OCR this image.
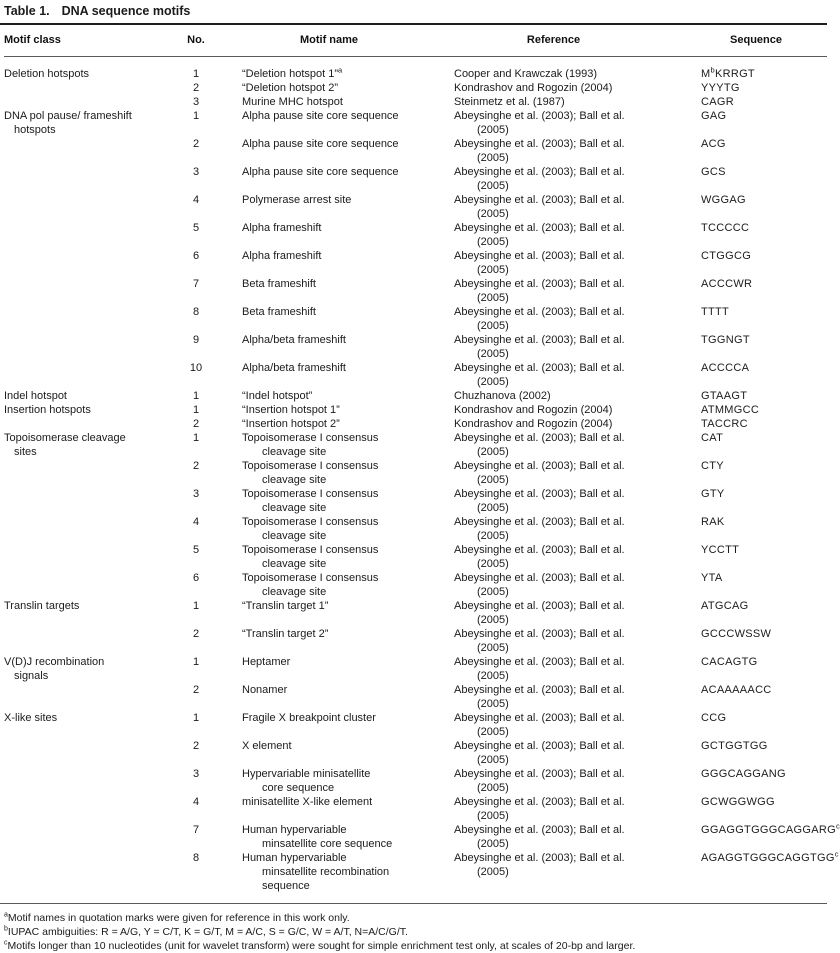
Table 1. DNA sequence motifs
Motif class	No.	Motif name	Reference	Sequence
Deletion hotspots	1	“Deletion hotspot 1”$^a$	Cooper and Krawczak (1993)	$M^bKRRGT$
	2	“Deletion hotspot 2”	Kondrashov and Rogozin (2004)	YYYTG
	3	Murine MHC hotspot	Steinmetz et al. (1987)	CAGR
DNA pol pause/ frameshift
hotspots	1	Alpha pause site core sequence	Abeysinghe et al. (2003); Ball et al.
(2005)	GAG
	2	Alpha pause site core sequence	Abeysinghe et al. (2003); Ball et al.
(2005)	ACG
	3	Alpha pause site core sequence	Abeysinghe et al. (2003); Ball et al.
(2005)	GCS
	4	Polymerase arrest site	Abeysinghe et al. (2003); Ball et al.
(2005)	WGGAG
	5	Alpha frameshift	Abeysinghe et al. (2003); Ball et al.
(2005)	TCCCCC
	6	Alpha frameshift	Abeysinghe et al. (2003); Ball et al.
(2005)	CTGGCG
	7	Beta frameshift	Abeysinghe et al. (2003); Ball et al.
(2005)	ACCCWR
	8	Beta frameshift	Abeysinghe et al. (2003); Ball et al.
(2005)	TTTT
	9	Alpha/beta frameshift	Abeysinghe et al. (2003); Ball et al.
(2005)	TGGNGT
	10	Alpha/beta frameshift	Abeysinghe et al. (2003); Ball et al.
(2005)	ACCCCA
Indel hotspot	1	“Indel hotspot”	Chuzhanova (2002)	GTAAGT
Insertion hotspots	1	“Insertion hotspot 1”	Kondrashov and Rogozin (2004)	ATMMGCC
	2	“Insertion hotspot 2”	Kondrashov and Rogozin (2004)	TACCRC
Topoisomerase cleavage
sites	1	Topoisomerase I consensus
cleavage site	Abeysinghe et al. (2003); Ball et al.
(2005)	CAT
	2	Topoisomerase I consensus
cleavage site	Abeysinghe et al. (2003); Ball et al.
(2005)	CTY
	3	Topoisomerase I consensus
cleavage site	Abeysinghe et al. (2003); Ball et al.
(2005)	GTY
	4	Topoisomerase I consensus
cleavage site	Abeysinghe et al. (2003); Ball et al.
(2005)	RAK
	5	Topoisomerase I consensus
cleavage site	Abeysinghe et al. (2003); Ball et al.
(2005)	YCCTT
	6	Topoisomerase I consensus
cleavage site	Abeysinghe et al. (2003); Ball et al.
(2005)	YTA
Translin targets	1	“Translin target 1”	Abeysinghe et al. (2003); Ball et al.
(2005)	ATGCAG
	2	“Translin target 2”	Abeysinghe et al. (2003); Ball et al.
(2005)	GCCCWSSW
V(D)J recombination
signals	1	Heptamer	Abeysinghe et al. (2003); Ball et al.
(2005)	CACAGTG
	2	Nonamer	Abeysinghe et al. (2003); Ball et al.
(2005)	ACAAAAACC
X-like sites	1	Fragile X breakpoint cluster	Abeysinghe et al. (2003); Ball et al.
(2005)	CCG
	2	X element	Abeysinghe et al. (2003); Ball et al.
(2005)	GCTGGTGG
	3	Hypervariable minisatellite
core sequence	Abeysinghe et al. (2003); Ball et al.
(2005)	GGGCAGGANG
	4	minisatellite X-like element	Abeysinghe et al. (2003); Ball et al.
(2005)	GCWGGWGG
	7	Human hypervariable
minsatellite core sequence	Abeysinghe et al. (2003); Ball et al.
(2005)	GGAGGTGGGCAGGARG$^c$
	8	Human hypervariable
minsatellite recombination
sequence	Abeysinghe et al. (2003); Ball et al.
(2005)	AGAGGTGGGCAGGTGG$^c$
$^a$Motif names in quotation marks were given for reference in this work only.
$^b$IUPAC ambiguities: R = A/G, Y = C/T, K = G/T, M = A/C, S = G/C, W = A/T, N=A/C/G/T.
$^c$Motifs longer than 10 nucleotides (unit for wavelet transform) were sought for simple enrichment test only, at scales of 20-bp and larger.
